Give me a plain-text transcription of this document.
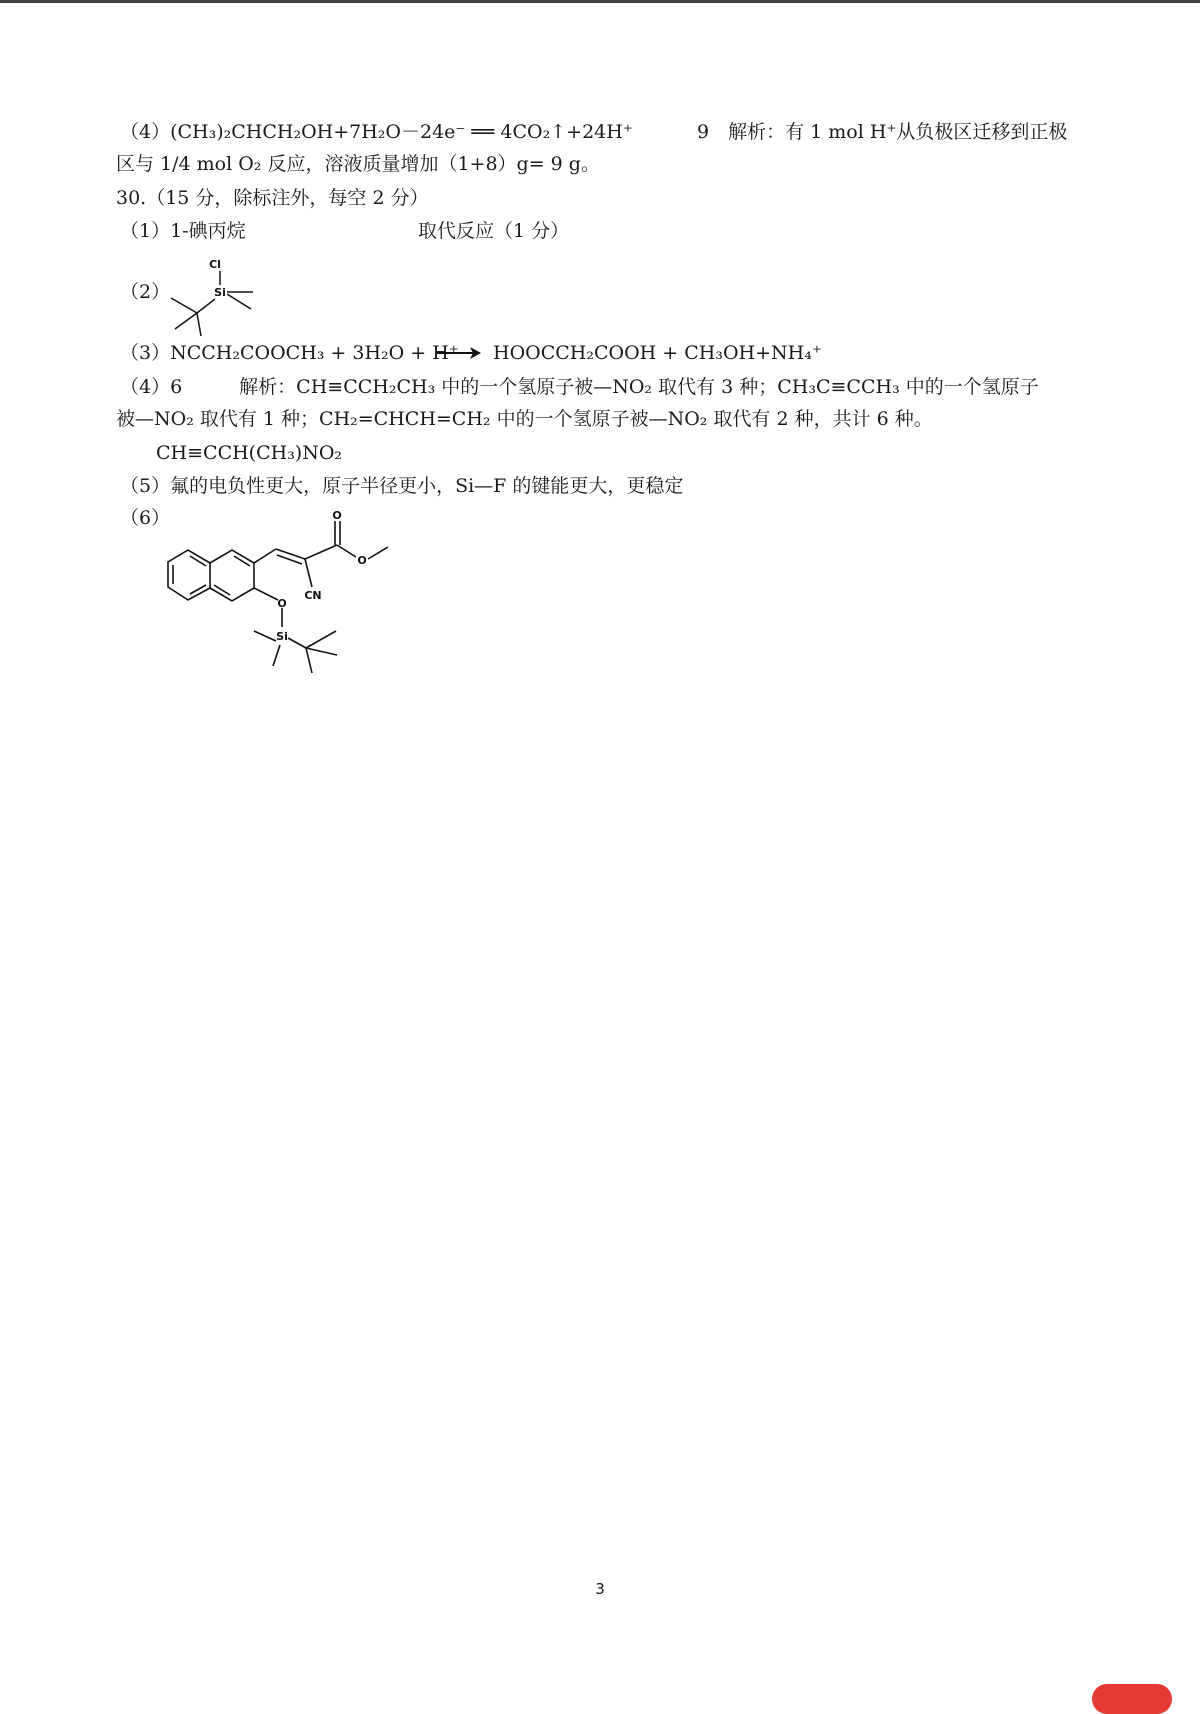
（4）(CH₃)₂CHCH₂OH+7H₂O－24e⁻ ══ 4CO₂↑+24H⁺	9　解析：有 1 mol H⁺从负极区迁移到正极
区与 1/4 mol O₂ 反应，溶液质量增加（1+8）g= 9 g。
30.（15 分，除标注外，每空 2 分）
（1）1-碘丙烷	取代反应（1 分）
（2）
Cl
Si
（3）NCCH₂COOCH₃ + 3H₂O + H⁺ → HOOCCH₂COOH + CH₃OH+NH₄⁺
（4）6　　　解析：CH≡CCH₂CH₃ 中的一个氢原子被—NO₂ 取代有 3 种；CH₃C≡CCH₃ 中的一个氢原子
被—NO₂ 取代有 1 种；CH₂=CHCH=CH₂ 中的一个氢原子被—NO₂ 取代有 2 种，共计 6 种。
CH≡CCH(CH₃)NO₂
（5）氟的电负性更大，原子半径更小，Si—F 的键能更大，更稳定
（6）	O
O
CN
O
Si
3
